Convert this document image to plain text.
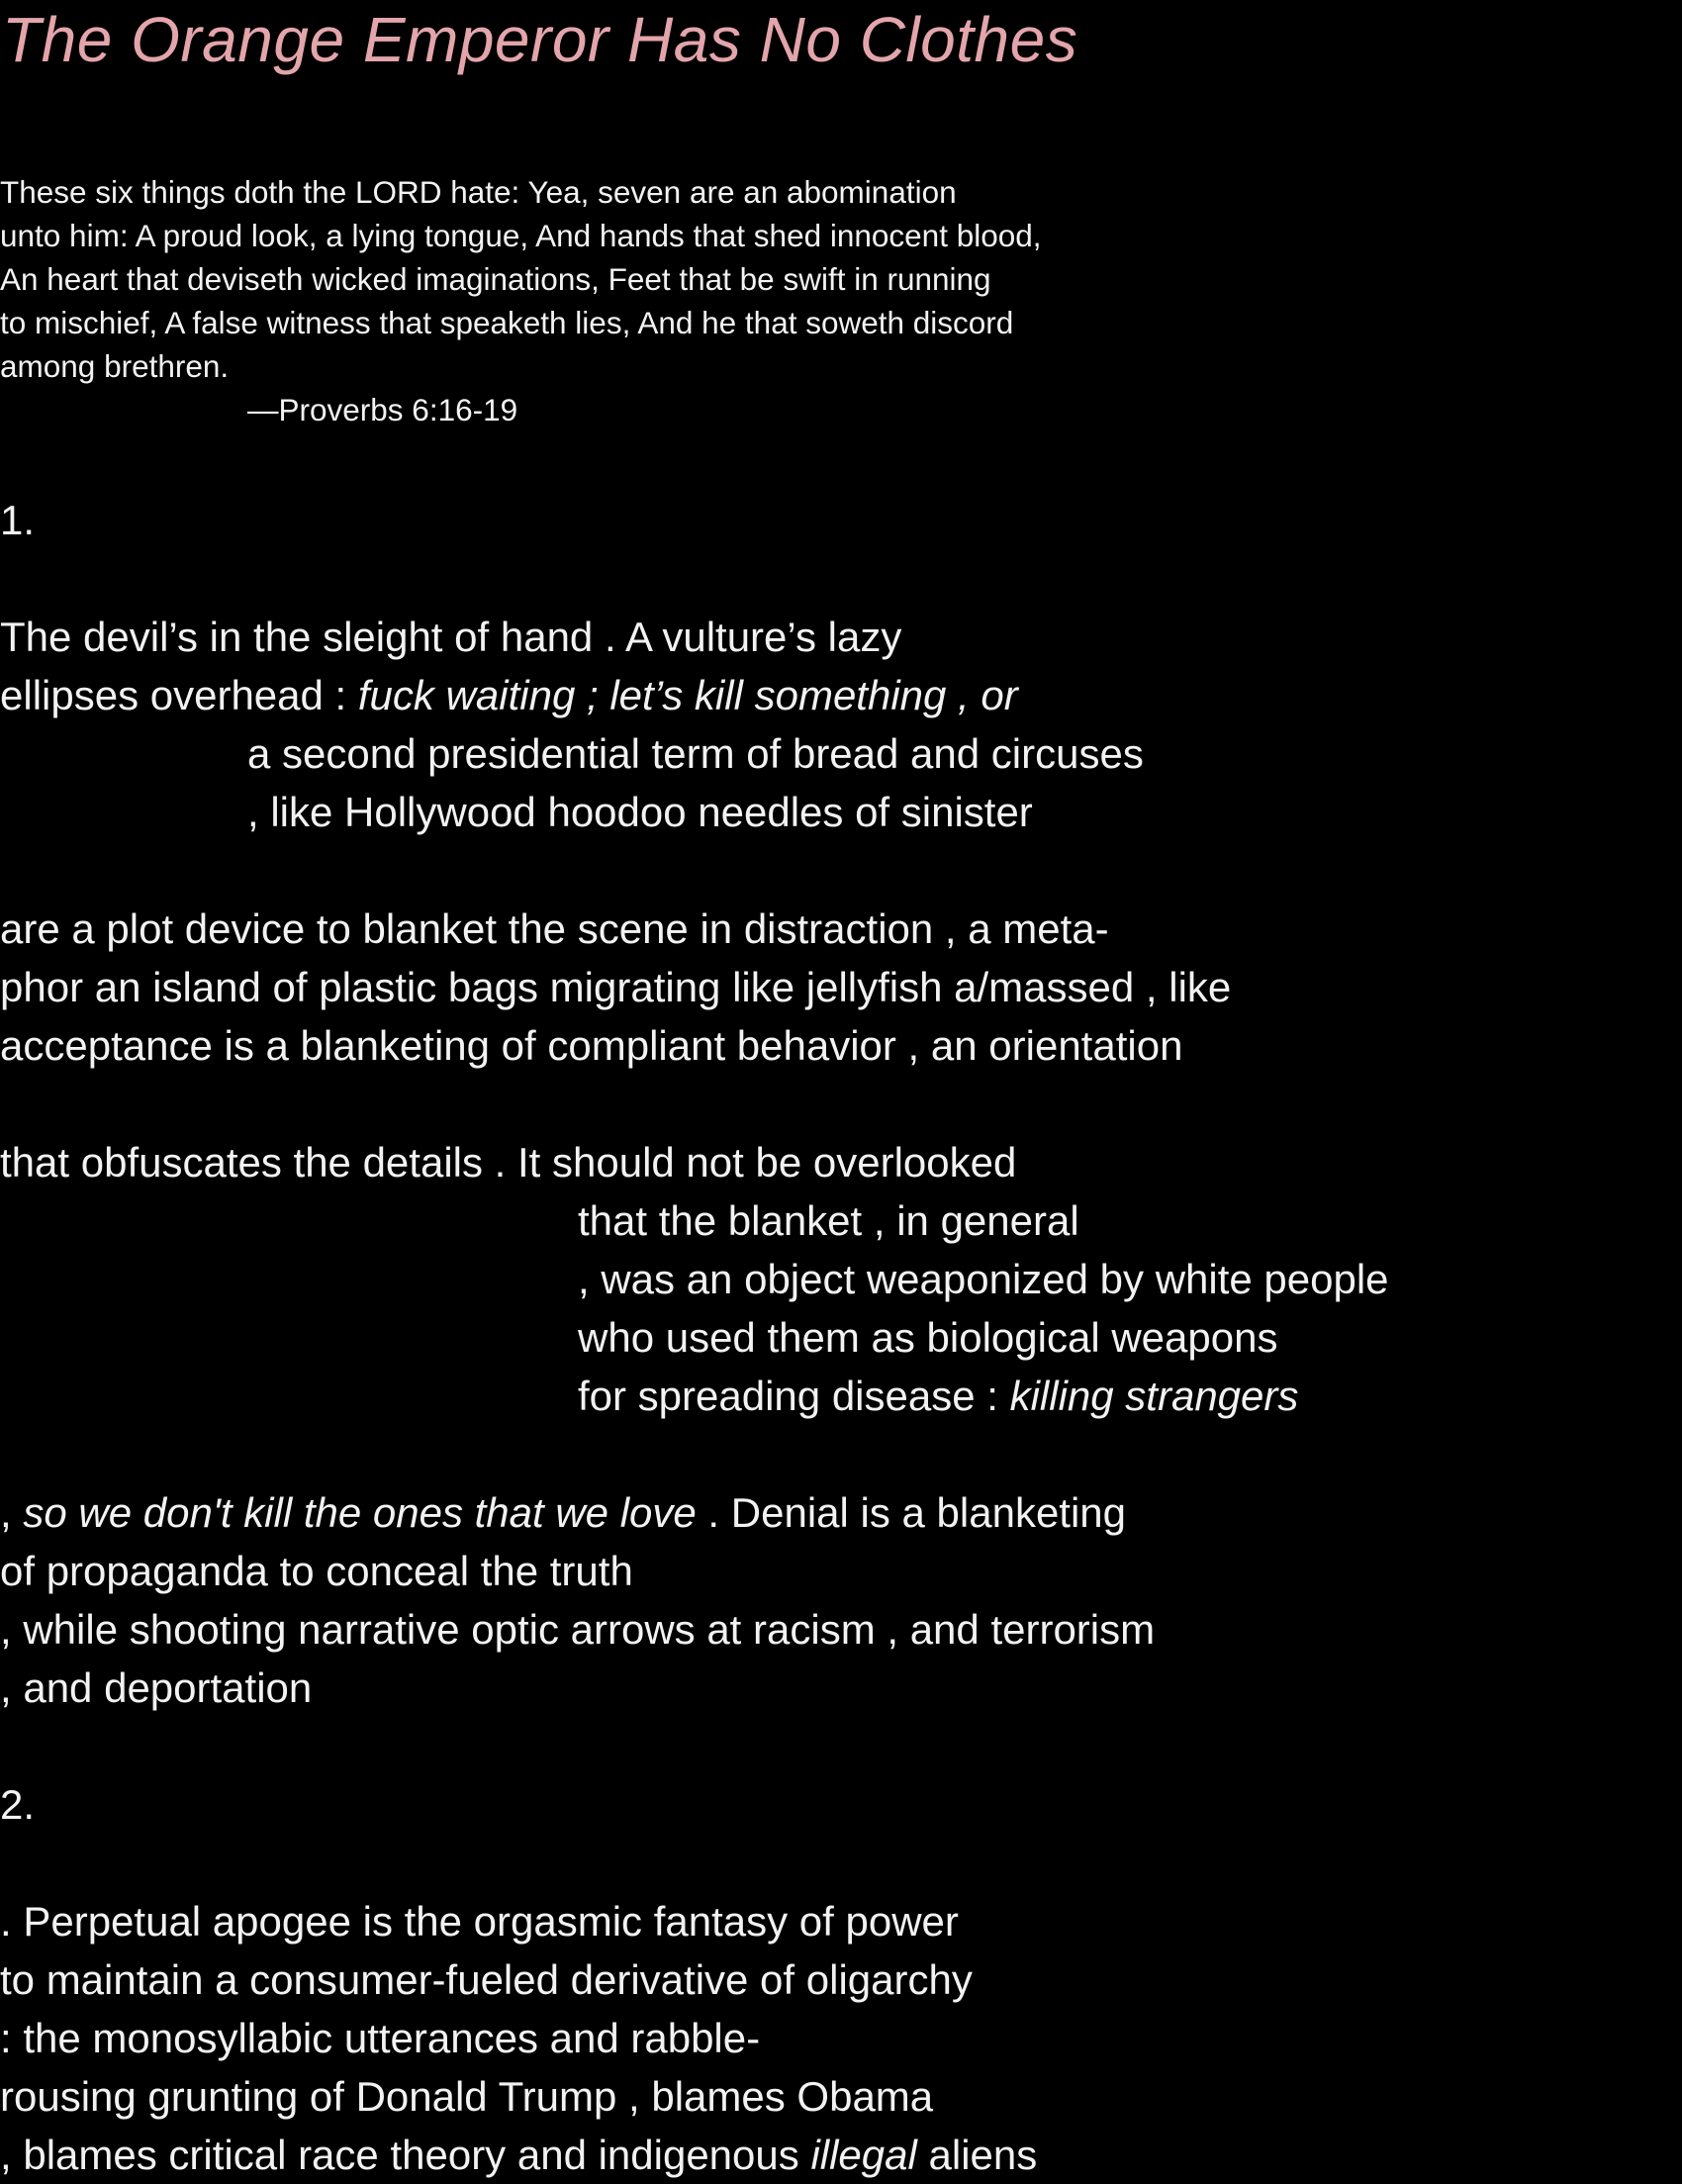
The Orange Emperor Has No Clothes
These six things doth the LORD hate: Yea, seven are an abomination
unto him: A proud look, a lying tongue, And hands that shed innocent blood,
An heart that deviseth wicked imaginations, Feet that be swift in running
to mischief, A false witness that speaketh lies, And he that soweth discord
among brethren.
—Proverbs 6:16-19
1.
The devil’s in the sleight of hand . A vulture’s lazy
ellipses overhead : fuck waiting ; let’s kill something , or
a second presidential term of bread and circuses
, like Hollywood hoodoo needles of sinister
are a plot device to blanket the scene in distraction , a meta-
phor an island of plastic bags migrating like jellyfish a/massed , like
acceptance is a blanketing of compliant behavior , an orientation
that obfuscates the details . It should not be overlooked
that the blanket , in general
, was an object weaponized by white people
who used them as biological weapons
for spreading disease : killing strangers
, so we don't kill the ones that we love . Denial is a blanketing
of propaganda to conceal the truth
, while shooting narrative optic arrows at racism , and terrorism
, and deportation
2.
. Perpetual apogee is the orgasmic fantasy of power
to maintain a consumer-fueled derivative of oligarchy
: the monosyllabic utterances and rabble-
rousing grunting of Donald Trump , blames Obama
, blames critical race theory and indigenous illegal aliens
